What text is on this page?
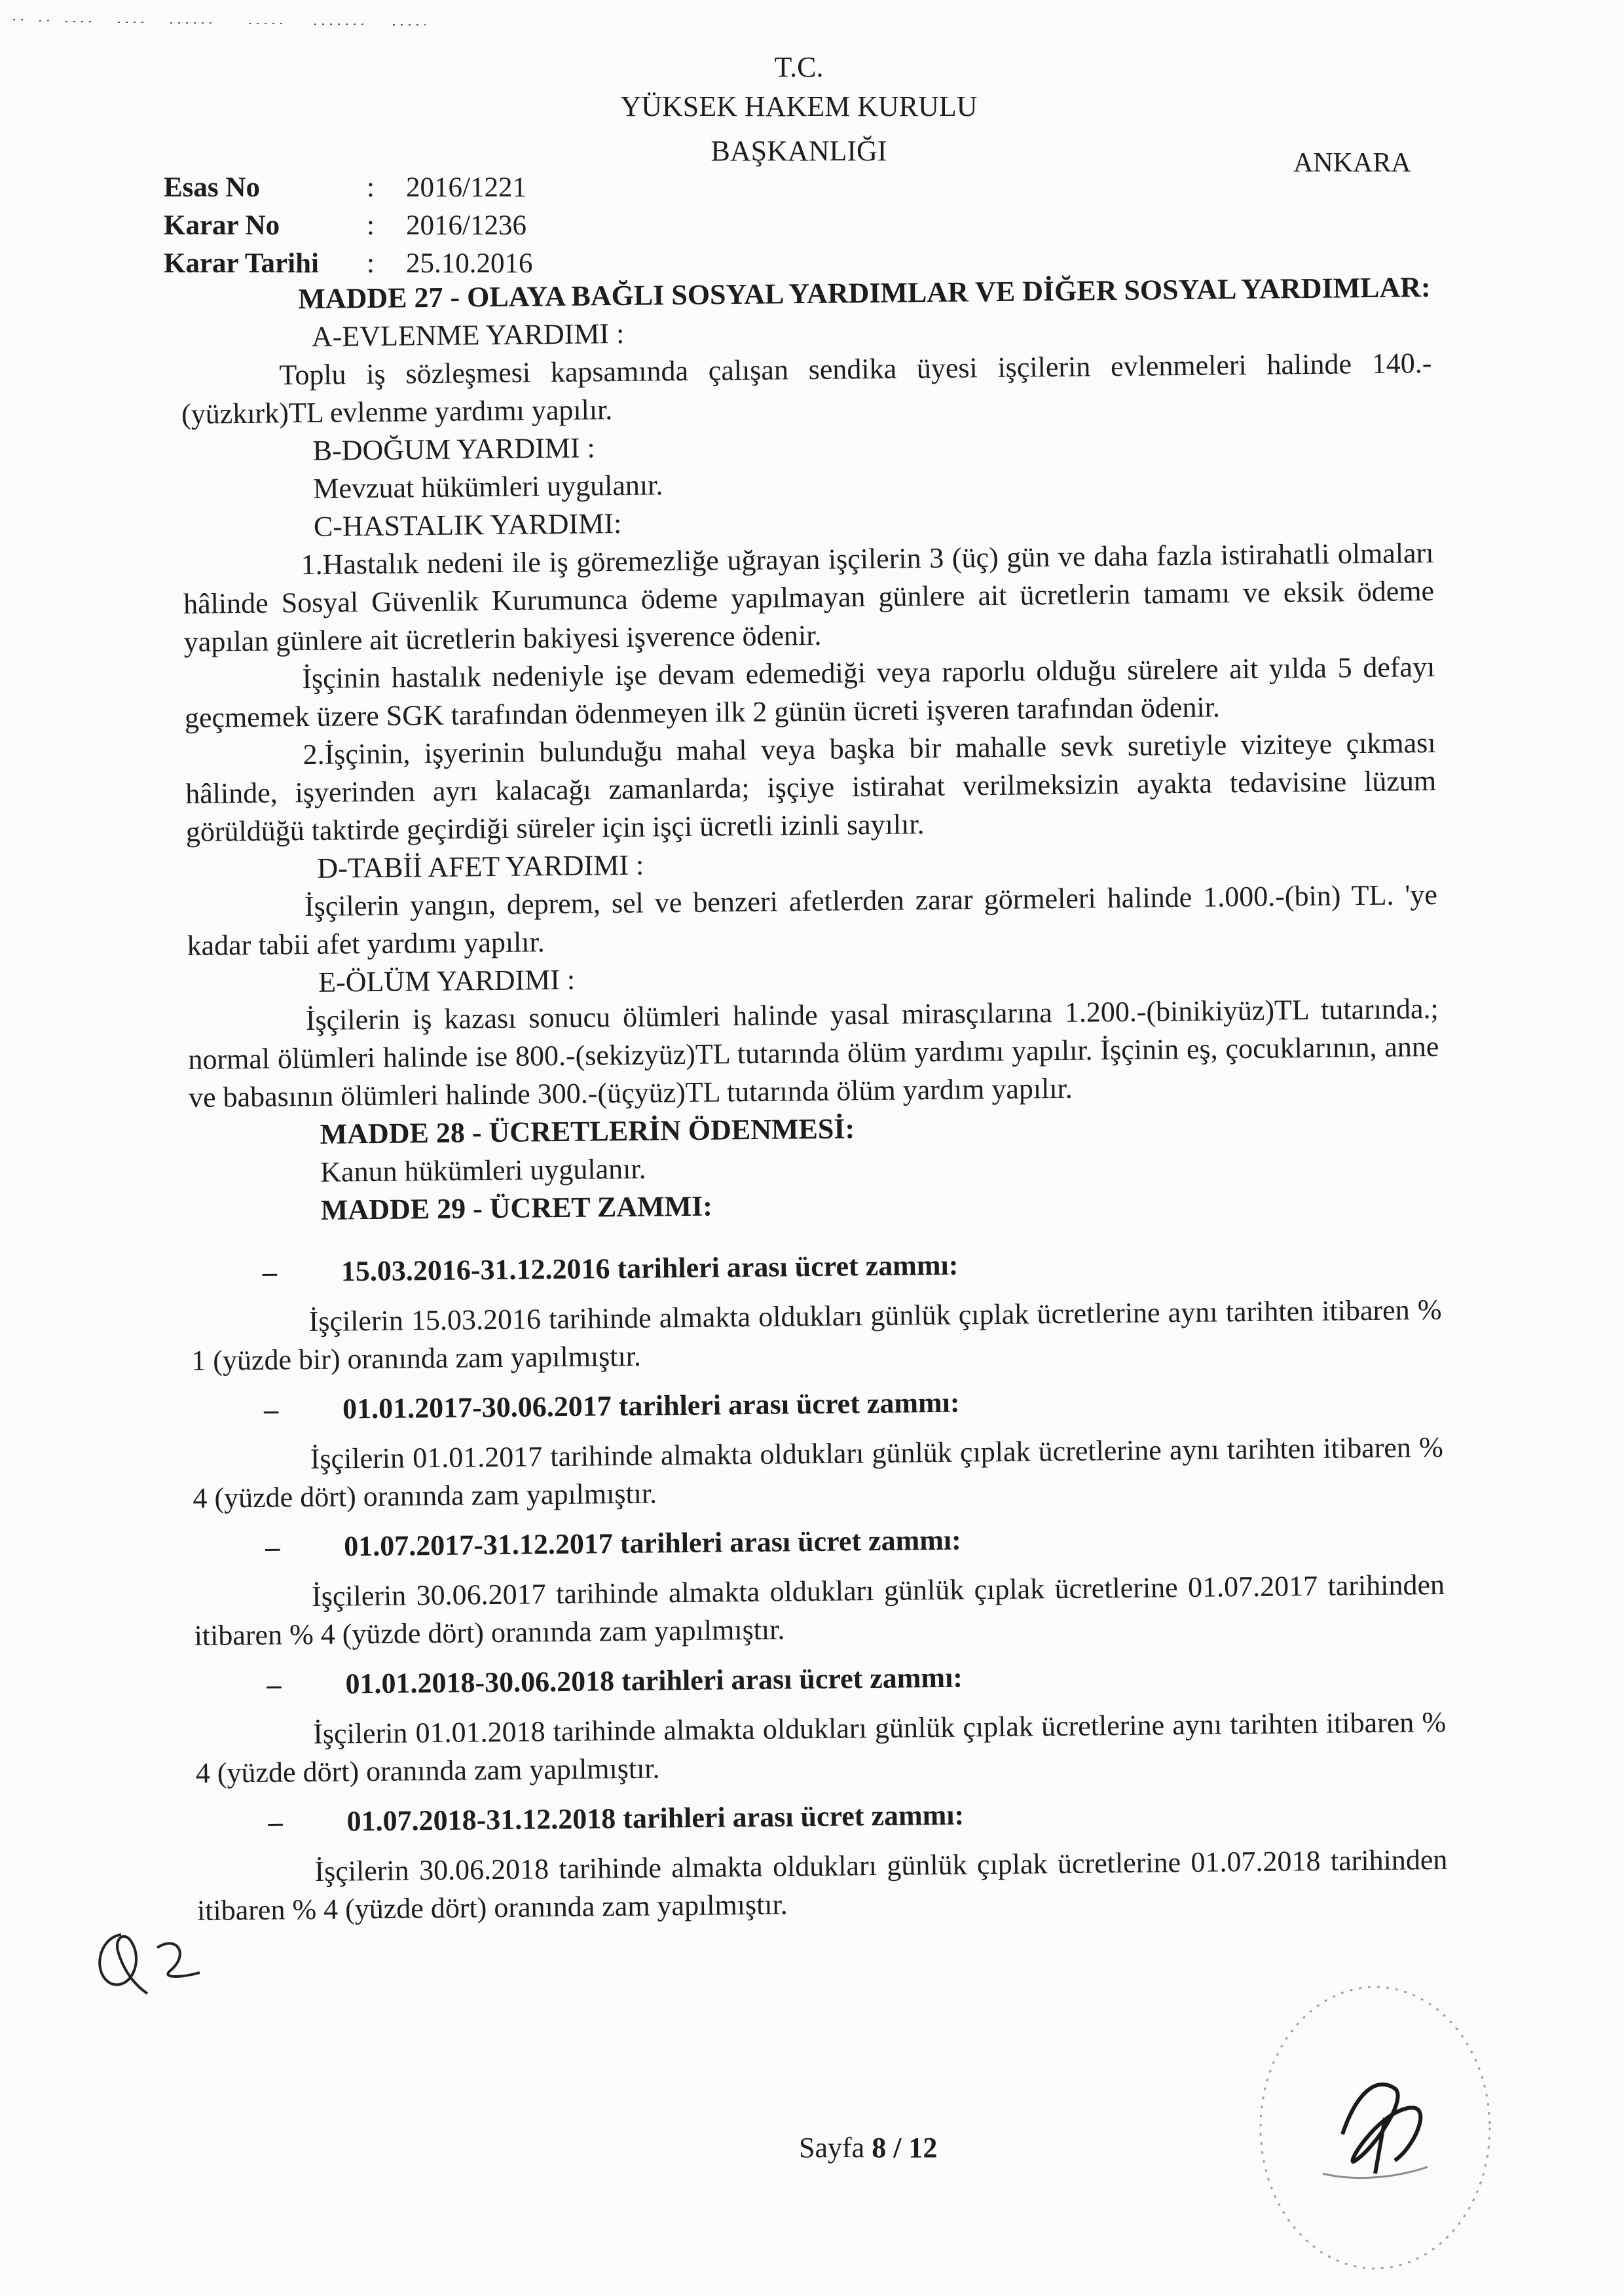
T.C.
YÜKSEK HAKEM KURULU
BAŞKANLIĞI	ANKARA
Esas No	:	2016/1221
Karar No	:	2016/1236
Karar Tarihi	:	25.10.2016

MADDE 27 - OLAYA BAĞLI SOSYAL YARDIMLAR VE DİĞER SOSYAL YARDIMLAR:

A-EVLENME YARDIMI :

Toplu iş sözleşmesi kapsamında çalışan sendika üyesi işçilerin evlenmeleri halinde 140.-(yüzkırk)TL evlenme yardımı yapılır.

B-DOĞUM YARDIMI :

Mevzuat hükümleri uygulanır.

C-HASTALIK YARDIMI:

1.Hastalık nedeni ile iş göremezliğe uğrayan işçilerin 3 (üç) gün ve daha fazla istirahatli olmaları hâlinde Sosyal Güvenlik Kurumunca ödeme yapılmayan günlere ait ücretlerin tamamı ve eksik ödeme yapılan günlere ait ücretlerin bakiyesi işverence ödenir.

İşçinin hastalık nedeniyle işe devam edemediği veya raporlu olduğu sürelere ait yılda 5 defayı geçmemek üzere SGK tarafından ödenmeyen ilk 2 günün ücreti işveren tarafından ödenir.

2.İşçinin, işyerinin bulunduğu mahal veya başka bir mahalle sevk suretiyle viziteye çıkması hâlinde, işyerinden ayrı kalacağı zamanlarda; işçiye istirahat verilmeksizin ayakta tedavisine lüzum görüldüğü taktirde geçirdiği süreler için işçi ücretli izinli sayılır.

D-TABİİ AFET YARDIMI :

İşçilerin yangın, deprem, sel ve benzeri afetlerden zarar görmeleri halinde 1.000.-(bin) TL. 'ye kadar tabii afet yardımı yapılır.

E-ÖLÜM YARDIMI :

İşçilerin iş kazası sonucu ölümleri halinde yasal mirasçılarına 1.200.-(binikiyüz)TL tutarında.; normal ölümleri halinde ise 800.-(sekizyüz)TL tutarında ölüm yardımı yapılır. İşçinin eş, çocuklarının, anne ve babasının ölümleri halinde 300.-(üçyüz)TL tutarında ölüm yardım yapılır.

MADDE 28 - ÜCRETLERİN ÖDENMESİ:

Kanun hükümleri uygulanır.

MADDE 29 - ÜCRET ZAMMI:

–	15.03.2016-31.12.2016 tarihleri arası ücret zammı:

İşçilerin 15.03.2016 tarihinde almakta oldukları günlük çıplak ücretlerine aynı tarihten itibaren % 1 (yüzde bir) oranında zam yapılmıştır.

–	01.01.2017-30.06.2017 tarihleri arası ücret zammı:

İşçilerin 01.01.2017 tarihinde almakta oldukları günlük çıplak ücretlerine aynı tarihten itibaren % 4 (yüzde dört) oranında zam yapılmıştır.

–	01.07.2017-31.12.2017 tarihleri arası ücret zammı:

İşçilerin 30.06.2017 tarihinde almakta oldukları günlük çıplak ücretlerine 01.07.2017 tarihinden itibaren % 4 (yüzde dört) oranında zam yapılmıştır.

–	01.01.2018-30.06.2018 tarihleri arası ücret zammı:

İşçilerin 01.01.2018 tarihinde almakta oldukları günlük çıplak ücretlerine aynı tarihten itibaren % 4 (yüzde dört) oranında zam yapılmıştır.

–	01.07.2018-31.12.2018 tarihleri arası ücret zammı:

İşçilerin 30.06.2018 tarihinde almakta oldukları günlük çıplak ücretlerine 01.07.2018 tarihinden itibaren % 4 (yüzde dört) oranında zam yapılmıştır.

Sayfa 8 / 12
